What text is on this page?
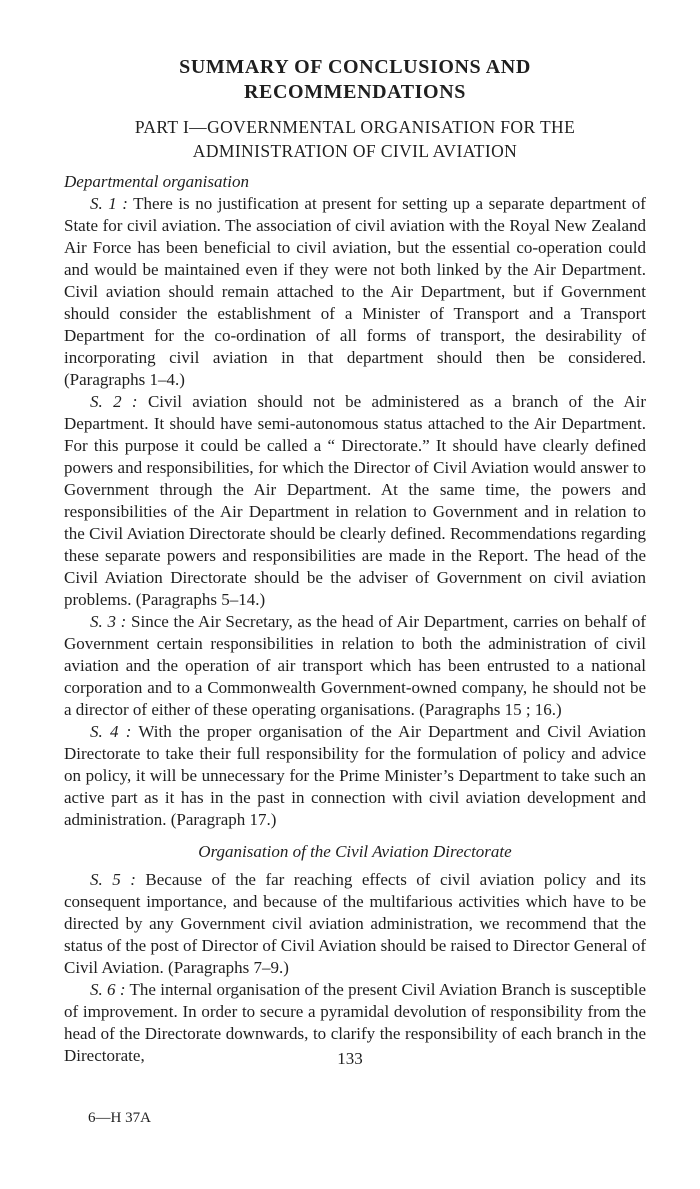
SUMMARY OF CONCLUSIONS AND
RECOMMENDATIONS
PART I—GOVERNMENTAL ORGANISATION FOR THE
ADMINISTRATION OF CIVIL AVIATION
Departmental organisation

S. 1 : There is no justification at present for setting up a separate department of State for civil aviation. The association of civil aviation with the Royal New Zealand Air Force has been beneficial to civil aviation, but the essential co-operation could and would be maintained even if they were not both linked by the Air Department. Civil aviation should remain attached to the Air Department, but if Government should consider the establishment of a Minister of Transport and a Transport Department for the co-ordination of all forms of transport, the desirability of incorporating civil aviation in that department should then be considered. (Paragraphs 1–4.)

S. 2 : Civil aviation should not be administered as a branch of the Air Department. It should have semi-autonomous status attached to the Air Department. For this purpose it could be called a “ Directorate.” It should have clearly defined powers and responsibilities, for which the Director of Civil Aviation would answer to Government through the Air Department. At the same time, the powers and responsibilities of the Air Department in relation to Government and in relation to the Civil Aviation Directorate should be clearly defined. Recommendations regarding these separate powers and responsibilities are made in the Report. The head of the Civil Aviation Directorate should be the adviser of Government on civil aviation problems. (Paragraphs 5–14.)

S. 3 : Since the Air Secretary, as the head of Air Department, carries on behalf of Government certain responsibilities in relation to both the administration of civil aviation and the operation of air transport which has been entrusted to a national corporation and to a Commonwealth Government-owned company, he should not be a director of either of these operating organisations. (Paragraphs 15 ; 16.)

S. 4 : With the proper organisation of the Air Department and Civil Aviation Directorate to take their full responsibility for the formulation of policy and advice on policy, it will be unnecessary for the Prime Minister’s Department to take such an active part as it has in the past in connection with civil aviation development and administration. (Paragraph 17.)

Organisation of the Civil Aviation Directorate

S. 5 : Because of the far reaching effects of civil aviation policy and its consequent importance, and because of the multifarious activities which have to be directed by any Government civil aviation administration, we recommend that the status of the post of Director of Civil Aviation should be raised to Director General of Civil Aviation. (Paragraphs 7–9.)

S. 6 : The internal organisation of the present Civil Aviation Branch is susceptible of improvement. In order to secure a pyramidal devolution of responsibility from the head of the Directorate downwards, to clarify the responsibility of each branch in the Directorate,	133
6—H 37A
